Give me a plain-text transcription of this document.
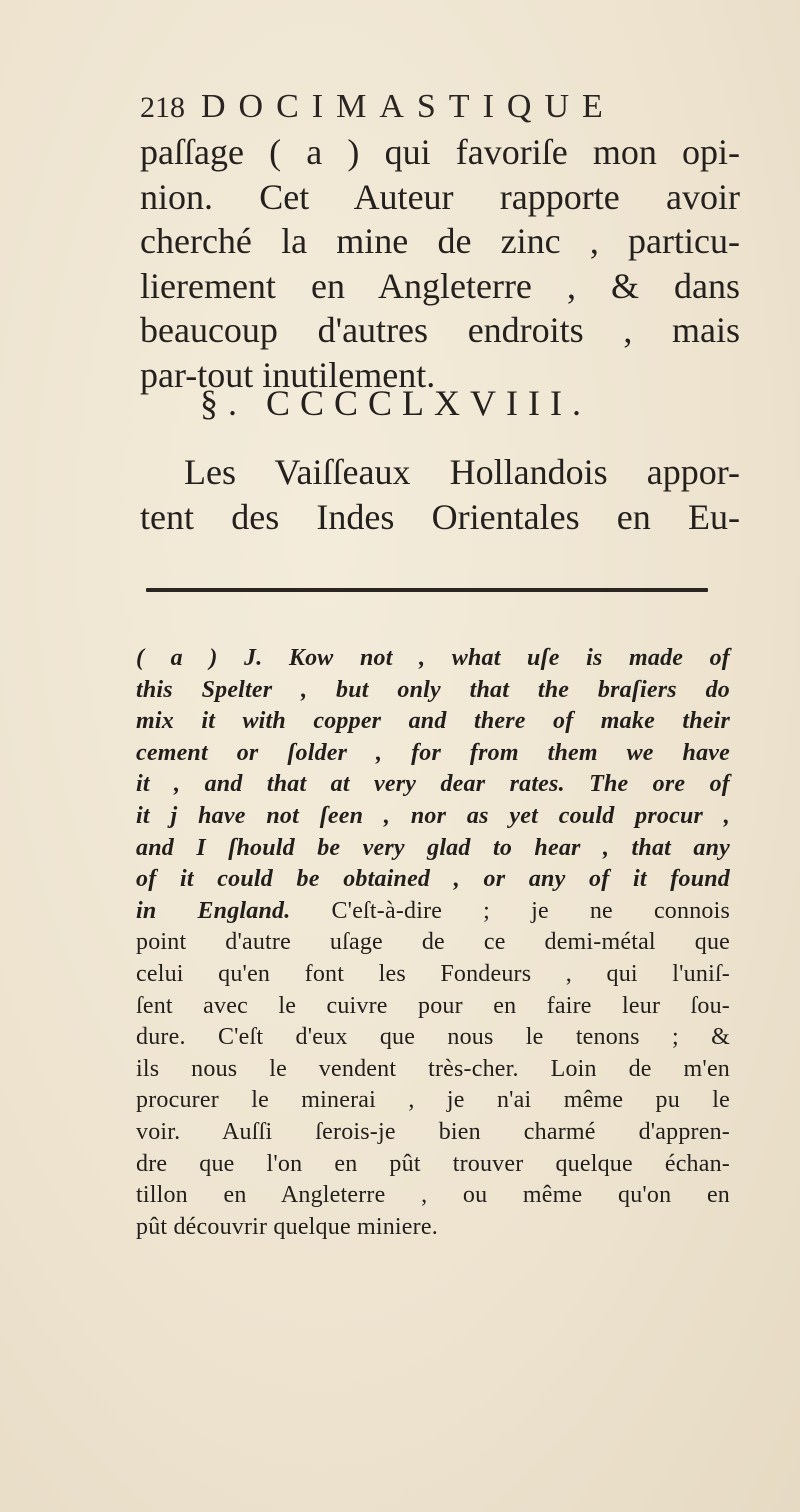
218 DOCIMASTIQUE
paſſage ( a ) qui favoriſe mon opi-
nion. Cet Auteur rapporte avoir
cherché la mine de zinc , particu-
lierement en Angleterre , & dans
beaucoup d'autres endroits , mais
par-tout inutilement.
§. CCCCLXVIII.
Les Vaiſſeaux Hollandois appor-
tent des Indes Orientales en Eu-
( a ) J. Kow not , what uſe is made of
this Spelter , but only that the braſiers do
mix it with copper and there of make their
cement or ſolder , for from them we have
it , and that at very dear rates. The ore of
it j have not ſeen , nor as yet could procur ,
and I ſhould be very glad to hear , that any
of it could be obtained , or any of it found
in England. C'eſt-à-dire ; je ne connois
point d'autre uſage de ce demi-métal que
celui qu'en font les Fondeurs , qui l'uniſ-
ſent avec le cuivre pour en faire leur ſou-
dure. C'eſt d'eux que nous le tenons ; &
ils nous le vendent très-cher. Loin de m'en
procurer le minerai , je n'ai même pu le
voir. Auſſi ſerois-je bien charmé d'appren-
dre que l'on en pût trouver quelque échan-
tillon en Angleterre , ou même qu'on en
pût découvrir quelque miniere.
